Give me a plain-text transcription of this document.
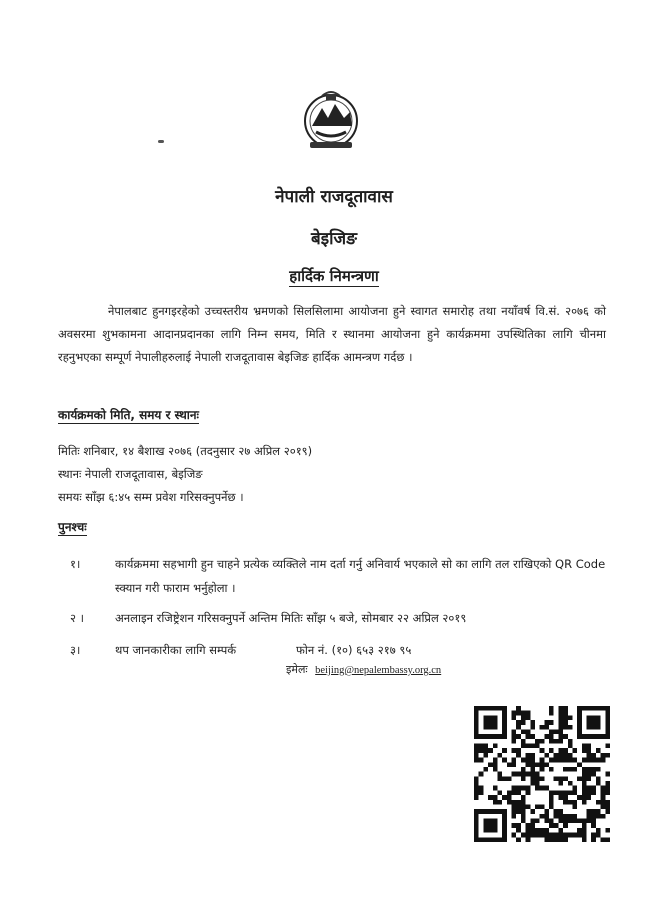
नेपाली राजदूतावास
बेइजिङ
हार्दिक निमन्त्रणा
नेपालबाट हुनगइरहेको उच्चस्तरीय भ्रमणको सिलसिलामा आयोजना हुने स्वागत समारोह तथा नयाँवर्ष वि.सं. २०७६ को अवसरमा शुभकामना आदानप्रदानका लागि निम्न समय, मिति र स्थानमा आयोजना हुने कार्यक्रममा उपस्थितिका लागि चीनमा रहनुभएका सम्पूर्ण नेपालीहरुलाई नेपाली राजदूतावास बेइजिङ हार्दिक आमन्त्रण गर्दछ ।
कार्यक्रमको मिति, समय र स्थानः
मितिः शनिबार, १४ बैशाख २०७६ (तदनुसार २७ अप्रिल २०१९)
स्थानः नेपाली राजदूतावास, बेइजिङ
समयः साँझ ६:४५ सम्म प्रवेश गरिसक्नुपर्नेछ ।
पुनश्चः
१।	कार्यक्रममा सहभागी हुन चाहने प्रत्येक व्यक्तिले नाम दर्ता गर्नु अनिवार्य भएकाले सो का लागि तल राखिएको QR Code स्क्यान गरी फाराम भर्नुहोला ।
२ ।	अनलाइन रजिष्ट्रेशन गरिसक्नुपर्ने अन्तिम मितिः साँझ ५ बजे, सोमबार २२ अप्रिल २०१९
३।	थप जानकारीका लागि सम्पर्क	फोन नं. (१०) ६५३ २१७ ९५
इमेलः beijing@nepalembassy.org.cn
